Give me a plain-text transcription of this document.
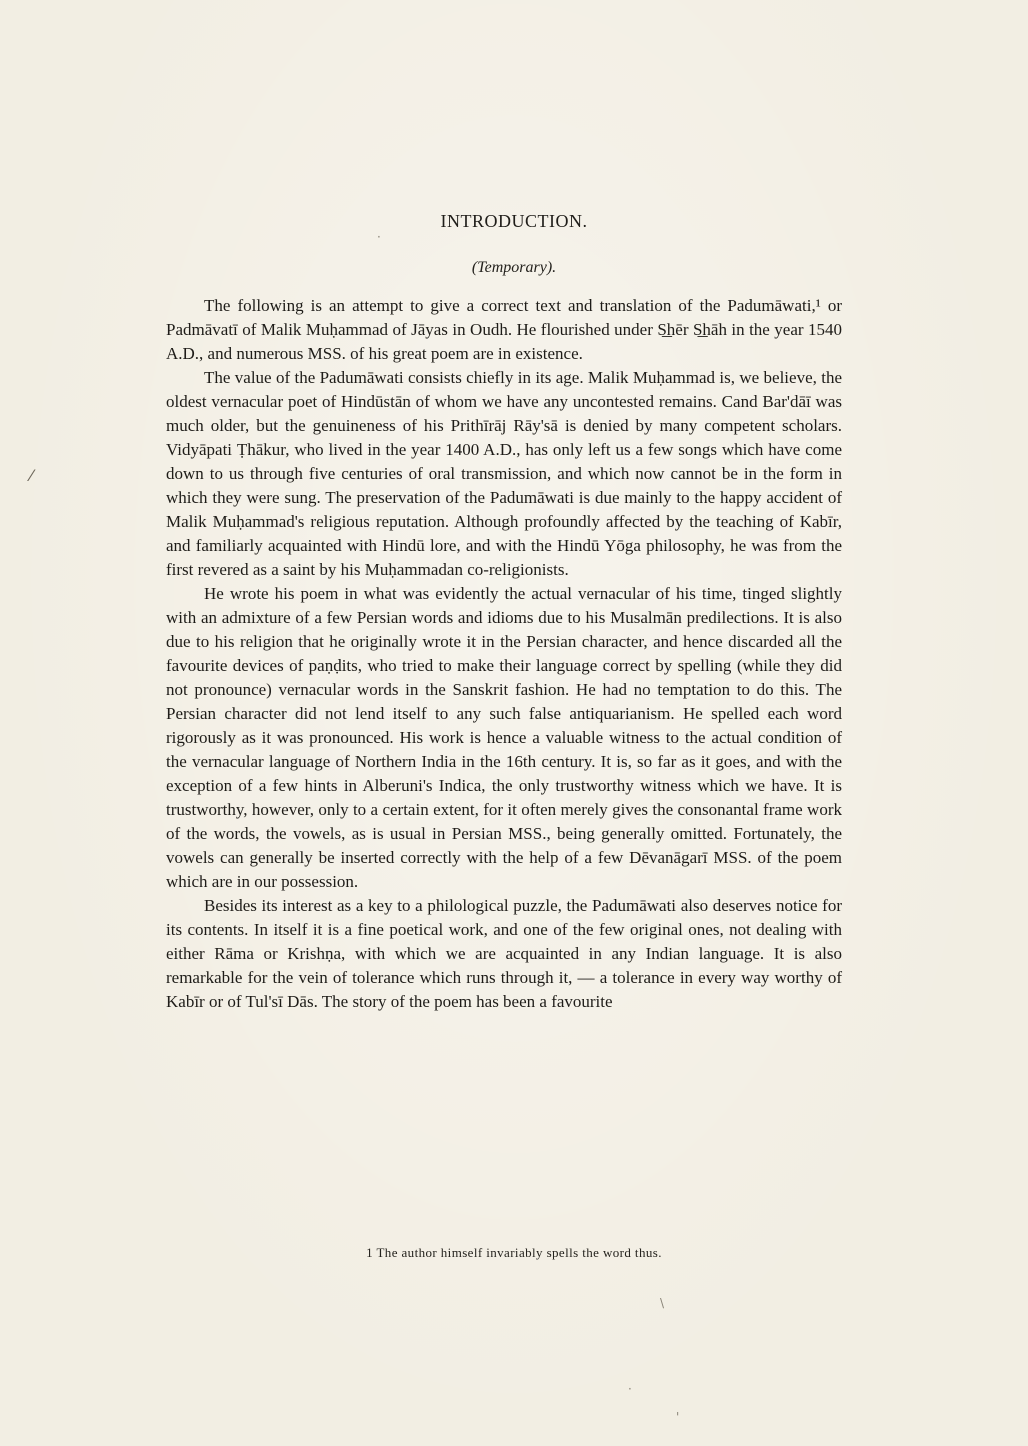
INTRODUCTION.
(Temporary).

The following is an attempt to give a correct text and translation of the Padumāwati,¹ or Padmāvatī of Malik Muḥammad of Jāyas in Oudh. He flourished under S͟hēr S͟hāh in the year 1540 A.D., and numerous MSS. of his great poem are in existence.

The value of the Padumāwati consists chiefly in its age. Malik Muḥammad is, we believe, the oldest vernacular poet of Hindūstān of whom we have any uncontested remains. Cand Bar'dāī was much older, but the genuineness of his Prithīrāj Rāy'sā is denied by many competent scholars. Vidyāpati Ṭhākur, who lived in the year 1400 A.D., has only left us a few songs which have come down to us through five centuries of oral transmission, and which now cannot be in the form in which they were sung. The preservation of the Padumāwati is due mainly to the happy accident of Malik Muḥammad's religious reputation. Although profoundly affected by the teaching of Kabīr, and familiarly acquainted with Hindū lore, and with the Hindū Yōga philosophy, he was from the first revered as a saint by his Muḥammadan co-religionists.

He wrote his poem in what was evidently the actual vernacular of his time, tinged slightly with an admixture of a few Persian words and idioms due to his Musalmān predilections. It is also due to his religion that he originally wrote it in the Persian character, and hence discarded all the favourite devices of paṇḍits, who tried to make their language correct by spelling (while they did not pronounce) vernacular words in the Sanskrit fashion. He had no temptation to do this. The Persian character did not lend itself to any such false antiquarianism. He spelled each word rigorously as it was pronounced. His work is hence a valuable witness to the actual condition of the vernacular language of Northern India in the 16th century. It is, so far as it goes, and with the exception of a few hints in Alberuni's Indica, the only trustworthy witness which we have. It is trustworthy, however, only to a certain extent, for it often merely gives the consonantal frame work of the words, the vowels, as is usual in Persian MSS., being generally omitted. Fortunately, the vowels can generally be inserted correctly with the help of a few Dēvanāgarī MSS. of the poem which are in our possession.

Besides its interest as a key to a philological puzzle, the Padumāwati also deserves notice for its contents. In itself it is a fine poetical work, and one of the few original ones, not dealing with either Rāma or Krishṇa, with which we are acquainted in any Indian language. It is also remarkable for the vein of tolerance which runs through it, — a tolerance in every way worthy of Kabīr or of Tul'sī Dās. The story of the poem has been a favourite

1 The author himself invariably spells the word thus.
·
⁄
\
·
'
